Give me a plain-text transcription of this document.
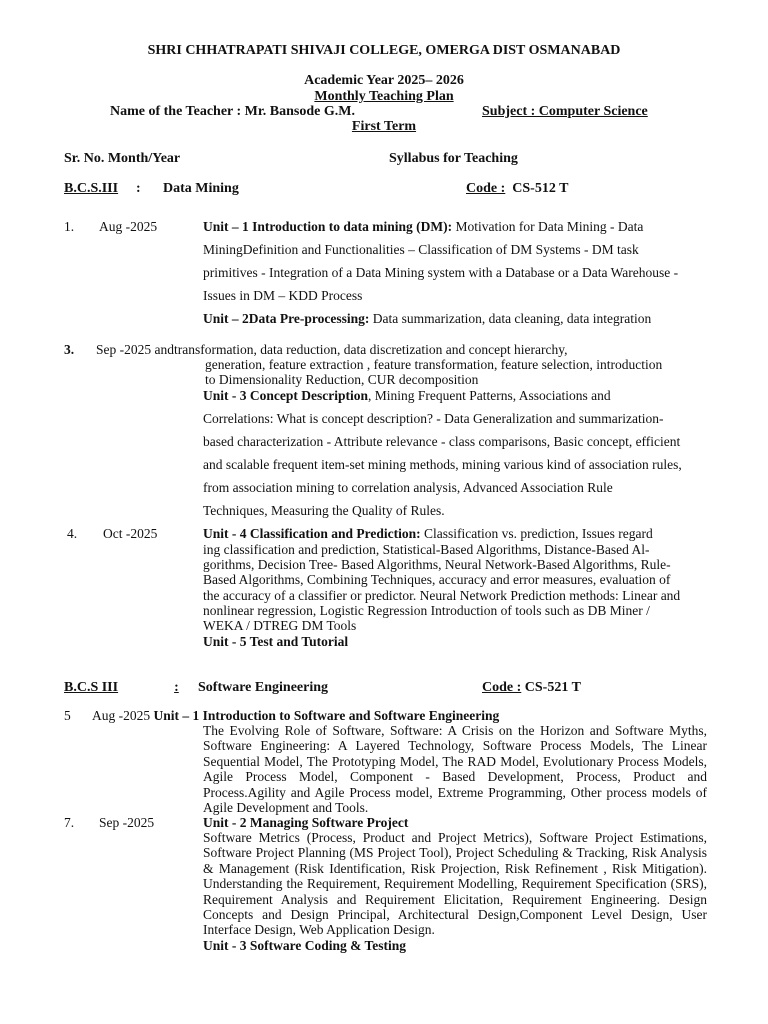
SHRI CHHATRAPATI SHIVAJI COLLEGE, OMERGA DIST OSMANABAD
Academic Year 2025– 2026
Monthly Teaching Plan
Name of the Teacher : Mr. Bansode G.M.	Subject : Computer Science
First Term
Sr. No. Month/Year	Syllabus for Teaching
B.C.S.III : Data Mining	Code : CS-512 T
1. Aug -2025	Unit – 1 Introduction to data mining (DM): Motivation for Data Mining - Data
MiningDefinition and Functionalities – Classification of DM Systems - DM task
primitives - Integration of a Data Mining system with a Database or a Data Warehouse -
Issues in DM – KDD Process
Unit – 2Data Pre-processing: Data summarization, data cleaning, data integration
3. Sep -2025 andtransformation, data reduction, data discretization and concept hierarchy,
generation, feature extraction , feature transformation, feature selection, introduction
to Dimensionality Reduction, CUR decomposition
Unit - 3 Concept Description, Mining Frequent Patterns, Associations and
Correlations: What is concept description? - Data Generalization and summarization-
based characterization - Attribute relevance - class comparisons, Basic concept, efficient
and scalable frequent item-set mining methods, mining various kind of association rules,
from association mining to correlation analysis, Advanced Association Rule
Techniques, Measuring the Quality of Rules.
4. Oct -2025	Unit - 4 Classification and Prediction: Classification vs. prediction, Issues regard
ing classification and prediction, Statistical-Based Algorithms, Distance-Based Al-
gorithms, Decision Tree- Based Algorithms, Neural Network-Based Algorithms, Rule-
Based Algorithms, Combining Techniques, accuracy and error measures, evaluation of
the accuracy of a classifier or predictor. Neural Network Prediction methods: Linear and
nonlinear regression, Logistic Regression Introduction of tools such as DB Miner /
WEKA / DTREG DM Tools
Unit - 5 Test and Tutorial
B.C.S III	: Software Engineering	Code : CS-521 T
5 Aug -2025 Unit – 1 Introduction to Software and Software Engineering
The Evolving Role of Software, Software: A Crisis on the Horizon and Software Myths, Software Engineering: A Layered Technology, Software Process Models, The Linear Sequential Model, The Prototyping Model, The RAD Model, Evolutionary Process Models, Agile Process Model, Component - Based Development, Process, Product and Process.Agility and Agile Process model, Extreme Programming, Other process models of Agile Development and Tools.
7. Sep -2025	Unit - 2 Managing Software Project
Software Metrics (Process, Product and Project Metrics), Software Project Estimations, Software Project Planning (MS Project Tool), Project Scheduling & Tracking, Risk Analysis & Management (Risk Identification, Risk Projection, Risk Refinement , Risk Mitigation). Understanding the Requirement, Requirement Modelling, Requirement Specification (SRS), Requirement Analysis and Requirement Elicitation, Requirement Engineering. Design Concepts and Design Principal, Architectural Design,Component Level Design, User Interface Design, Web Application Design.
Unit - 3 Software Coding & Testing
